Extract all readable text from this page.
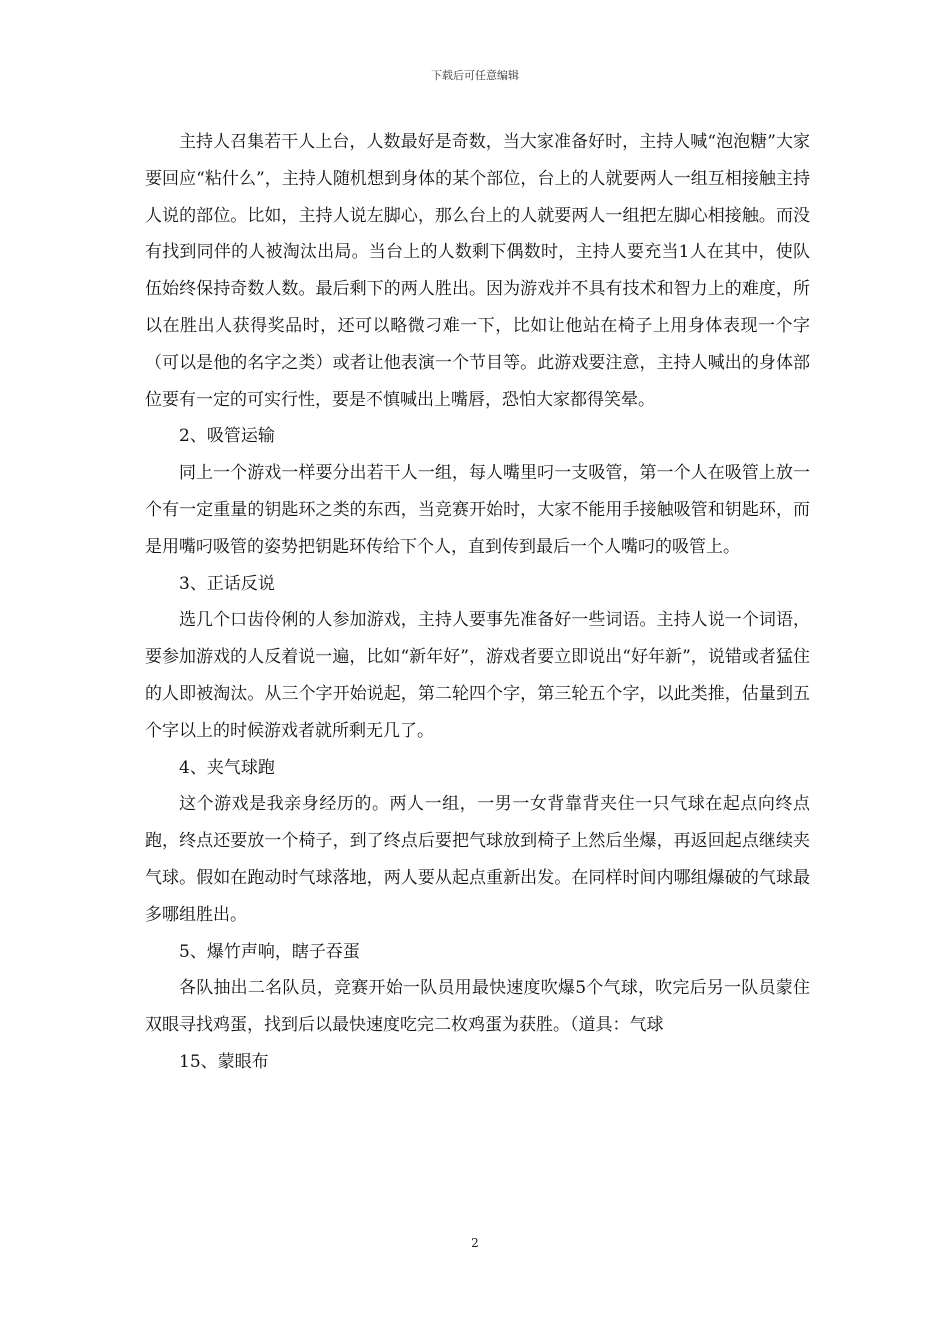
下载后可任意编辑

主持人召集若干人上台，人数最好是奇数，当大家准备好时，主持人喊“泡泡糖”大家要回应“粘什么”，主持人随机想到身体的某个部位，台上的人就要两人一组互相接触主持人说的部位。比如，主持人说左脚心，那么台上的人就要两人一组把左脚心相接触。而没有找到同伴的人被淘汰出局。当台上的人数剩下偶数时，主持人要充当1人在其中，使队伍始终保持奇数人数。最后剩下的两人胜出。因为游戏并不具有技术和智力上的难度，所以在胜出人获得奖品时，还可以略微刁难一下，比如让他站在椅子上用身体表现一个字（可以是他的名字之类）或者让他表演一个节目等。此游戏要注意，主持人喊出的身体部位要有一定的可实行性，要是不慎喊出上嘴唇，恐怕大家都得笑晕。

2、吸管运输

同上一个游戏一样要分出若干人一组，每人嘴里叼一支吸管，第一个人在吸管上放一个有一定重量的钥匙环之类的东西，当竞赛开始时，大家不能用手接触吸管和钥匙环，而是用嘴叼吸管的姿势把钥匙环传给下个人，直到传到最后一个人嘴叼的吸管上。

3、正话反说

选几个口齿伶俐的人参加游戏，主持人要事先准备好一些词语。主持人说一个词语，要参加游戏的人反着说一遍，比如“新年好”，游戏者要立即说出“好年新”，说错或者猛住的人即被淘汰。从三个字开始说起，第二轮四个字，第三轮五个字，以此类推，估量到五个字以上的时候游戏者就所剩无几了。

4、夹气球跑

这个游戏是我亲身经历的。两人一组，一男一女背靠背夹住一只气球在起点向终点跑，终点还要放一个椅子，到了终点后要把气球放到椅子上然后坐爆，再返回起点继续夹气球。假如在跑动时气球落地，两人要从起点重新出发。在同样时间内哪组爆破的气球最多哪组胜出。

5、爆竹声响，瞎子吞蛋

各队抽出二名队员，竞赛开始一队员用最快速度吹爆5个气球，吹完后另一队员蒙住双眼寻找鸡蛋，找到后以最快速度吃完二枚鸡蛋为获胜。（道具：气球

15、蒙眼布

2
